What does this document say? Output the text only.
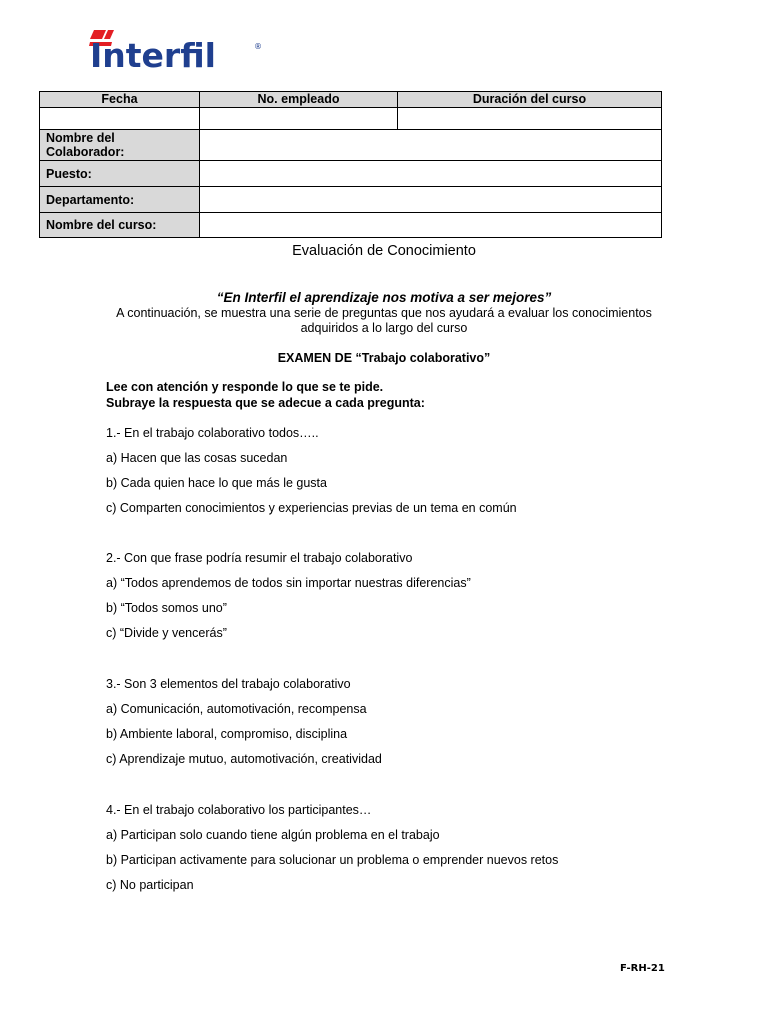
Interfil	®
Fecha	No. empleado	Duración del curso

Nombre del Colaborador:		
Puesto:		
Departamento:		
Nombre del curso:		
Evaluación de Conocimiento
“En Interfil el aprendizaje nos motiva a ser mejores”
A continuación, se muestra una serie de preguntas que nos ayudará a evaluar los conocimientos adquiridos a lo largo del curso
EXAMEN DE “Trabajo colaborativo”
Lee con atención y responde lo que se te pide.
Subraye la respuesta que se adecue a cada pregunta:
1.- En el trabajo colaborativo todos…..
a) Hacen que las cosas sucedan
b) Cada quien hace lo que más le gusta
c) Comparten conocimientos y experiencias previas de un tema en común
2.- Con que frase podría resumir el trabajo colaborativo
a) “Todos aprendemos de todos sin importar nuestras diferencias”
b) “Todos somos uno”
c) “Divide y vencerás”
3.- Son 3 elementos del trabajo colaborativo
a) Comunicación, automotivación, recompensa
b) Ambiente laboral, compromiso, disciplina
c) Aprendizaje mutuo, automotivación, creatividad
4.- En el trabajo colaborativo los participantes…
a) Participan solo cuando tiene algún problema en el trabajo
b) Participan activamente para solucionar un problema o emprender nuevos retos
c) No participan
F-RH-21
